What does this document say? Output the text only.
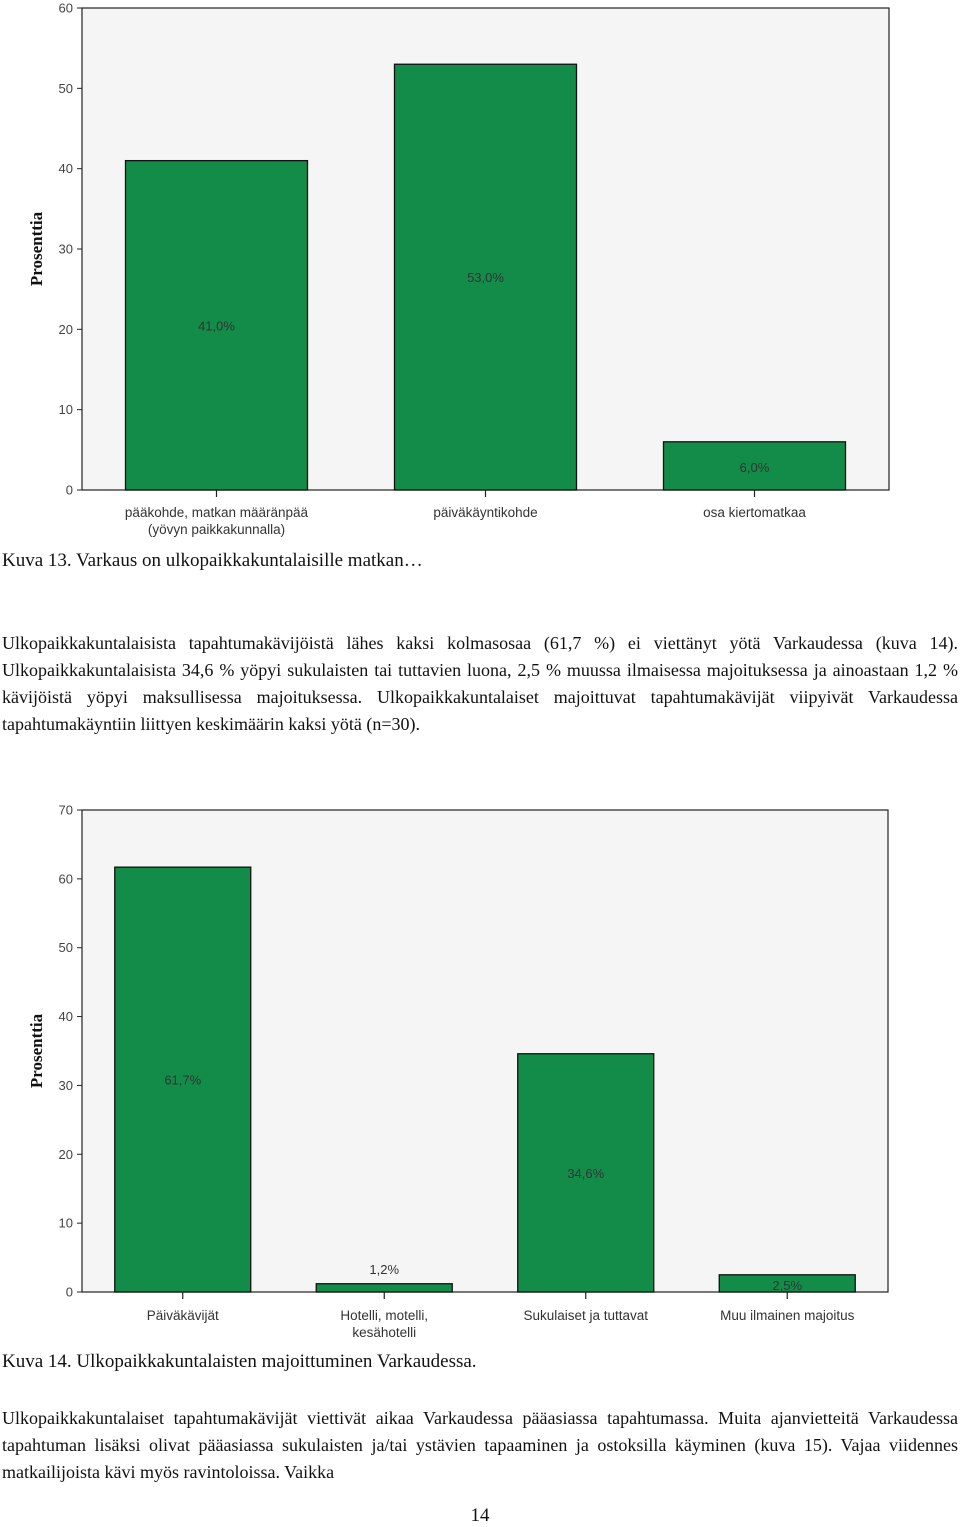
0
10
20
30
40
50
60
Prosenttia
pääkohde, matkan määränpää
(yövyn paikkakunnalla)
41,0%
päiväkäyntikohde
53,0%
osa kiertomatkaa
6,0%
Kuva 13. Varkaus on ulkopaikkakuntalaisille matkan…
Ulkopaikkakuntalaisista tapahtumakävijöistä lähes kaksi kolmasosaa (61,7 %) ei viettänyt yötä Varkaudessa (kuva 14). Ulkopaikkakuntalaisista 34,6 % yöpyi sukulaisten tai tuttavien luona, 2,5 % muussa ilmaisessa majoituksessa ja ainoastaan 1,2 % kävijöistä yöpyi maksullisessa majoituksessa. Ulkopaikkakuntalaiset majoittuvat tapahtumakävijät viipyivät Varkaudessa tapahtumakäyntiin liittyen keskimäärin kaksi yötä (n=30).
0
10
20
30
40
50
60
70
Prosenttia
Päiväkävijät
61,7%
Hotelli, motelli,
kesähotelli
1,2%
Sukulaiset ja tuttavat
34,6%
Muu ilmainen majoitus
2,5%
Kuva 14. Ulkopaikkakuntalaisten majoittuminen Varkaudessa.
Ulkopaikkakuntalaiset tapahtumakävijät viettivät aikaa Varkaudessa pääasiassa tapahtumassa. Muita ajanvietteitä Varkaudessa tapahtuman lisäksi olivat pääasiassa sukulaisten ja/tai ystävien tapaaminen ja ostoksilla käyminen (kuva 15). Vajaa viidennes matkailijoista kävi myös ravintoloissa. Vaikka
14
